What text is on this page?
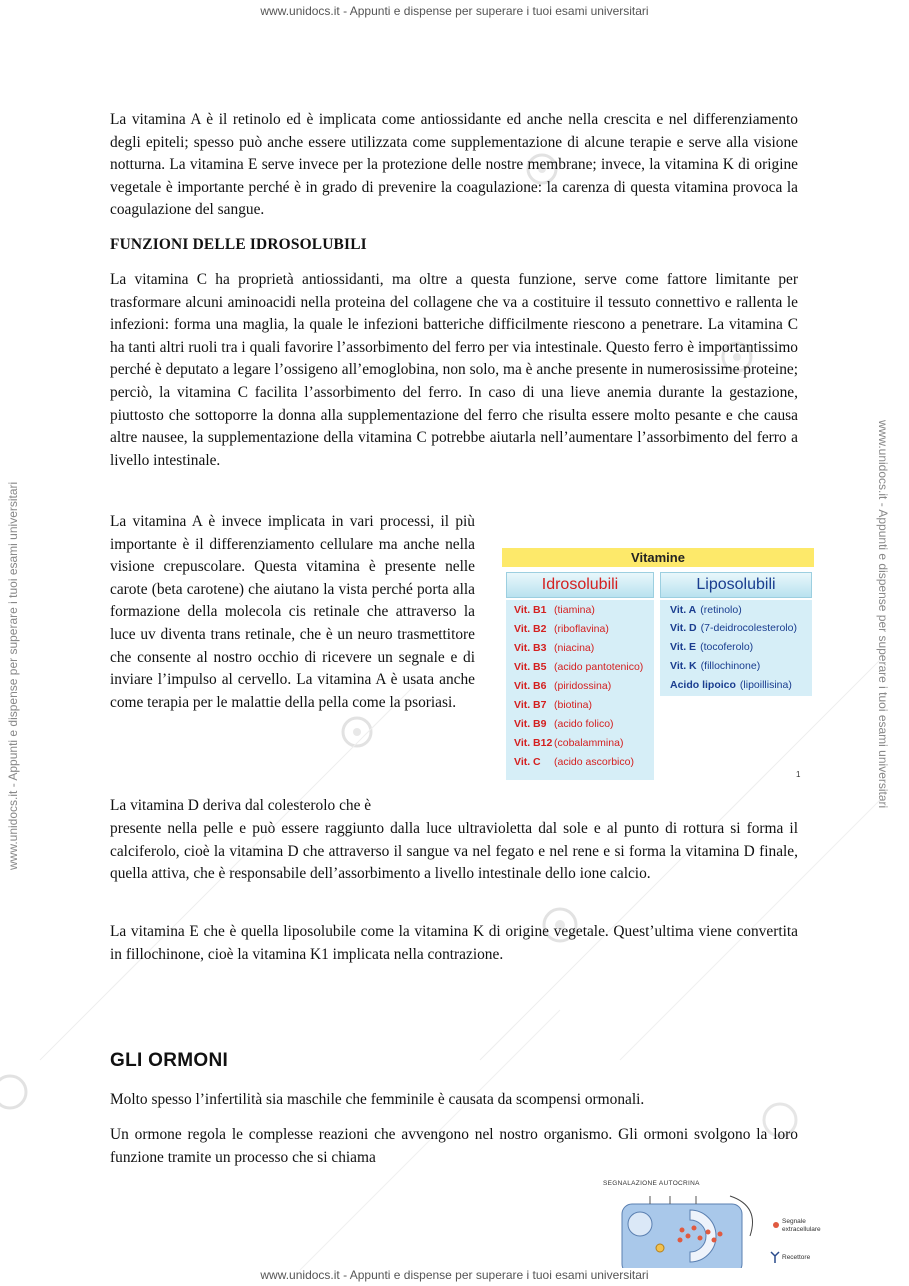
www.unidocs.it - Appunti e dispense per superare i tuoi esami universitari
www.unidocs.it - Appunti e dispense per superare i tuoi esami universitari
www.unidocs.it - Appunti e dispense per superare i tuoi esami universitari	www.unidocs.it - Appunti e dispense per superare i tuoi esami universitari

La vitamina A è il retinolo ed è implicata come antiossidante ed anche nella crescita e nel differenziamento degli epiteli; spesso può anche essere utilizzata come supplementazione di alcune terapie e serve alla visione notturna. La vitamina E serve invece per la protezione delle nostre membrane; invece, la vitamina K di origine vegetale è importante perché è in grado di prevenire la coagulazione: la carenza di questa vitamina provoca la coagulazione del sangue.

FUNZIONI DELLE IDROSOLUBILI

La vitamina C ha proprietà antiossidanti, ma oltre a questa funzione, serve come fattore limitante per trasformare alcuni aminoacidi nella proteina del collagene che va a costituire il tessuto connettivo e rallenta le infezioni: forma una maglia, la quale le infezioni batteriche difficilmente riescono a penetrare. La vitamina C ha tanti altri ruoli tra i quali favorire l’assorbimento del ferro per via intestinale. Questo ferro è importantissimo perché è deputato a legare l’ossigeno all’emoglobina, non solo, ma è anche presente in numerosissime proteine; perciò, la vitamina C facilita l’assorbimento del ferro. In caso di una lieve anemia durante la gestazione, piuttosto che sottoporre la donna alla supplementazione del ferro che risulta essere molto pesante e che causa altre nausee, la supplementazione della vitamina C potrebbe aiutarla nell’aumentare l’assorbimento del ferro a livello intestinale.

La vitamina A è invece implicata in vari processi, il più importante è il differenziamento cellulare ma anche nella visione crepuscolare. Questa vitamina è presente nelle carote (beta carotene) che aiutano la vista perché porta alla formazione della molecola cis retinale che attraverso la luce uv diventa trans retinale, che è un neuro trasmettitore che consente al nostro occhio di ricevere un segnale e di inviare l’impulso al cervello. La vitamina A è usata anche come terapia per le malattie della pella come la psoriasi.

La vitamina D deriva dal colesterolo che è

presente nella pelle e può essere raggiunto dalla luce ultravioletta dal sole e al punto di rottura si forma il calciferolo, cioè la vitamina D che attraverso il sangue va nel fegato e nel rene e si forma la vitamina D finale, quella attiva, che è responsabile dell’assorbimento a livello intestinale dello ione calcio.

La vitamina E che è quella liposolubile come la vitamina K di origine vegetale. Quest’ultima viene convertita in fillochinone, cioè la vitamina K1 implicata nella contrazione.

GLI ORMONI

Molto spesso l’infertilità sia maschile che femminile è causata da scompensi ormonali.

Un ormone regola le complesse reazioni che avvengono nel nostro organismo. Gli ormoni svolgono la loro funzione tramite un processo che si chiama

Vitamine
Idrosolubili	Liposolubili
Vit. B1 (tiamina)
Vit. B2 (riboflavina)
Vit. B3 (niacina)
Vit. B5 (acido pantotenico)
Vit. B6 (piridossina)
Vit. B7 (biotina)
Vit. B9 (acido folico)
Vit. B12 (cobalammina)
Vit. C (acido ascorbico)
Vit. A (retinolo)
Vit. D (7-deidrocolesterolo)
Vit. E (tocoferolo)
Vit. K (fillochinone)
Acido lipoico (lipoillisina)
1
SEGNALAZIONE AUTOCRINA
Segnale extracellulare
Recettore
